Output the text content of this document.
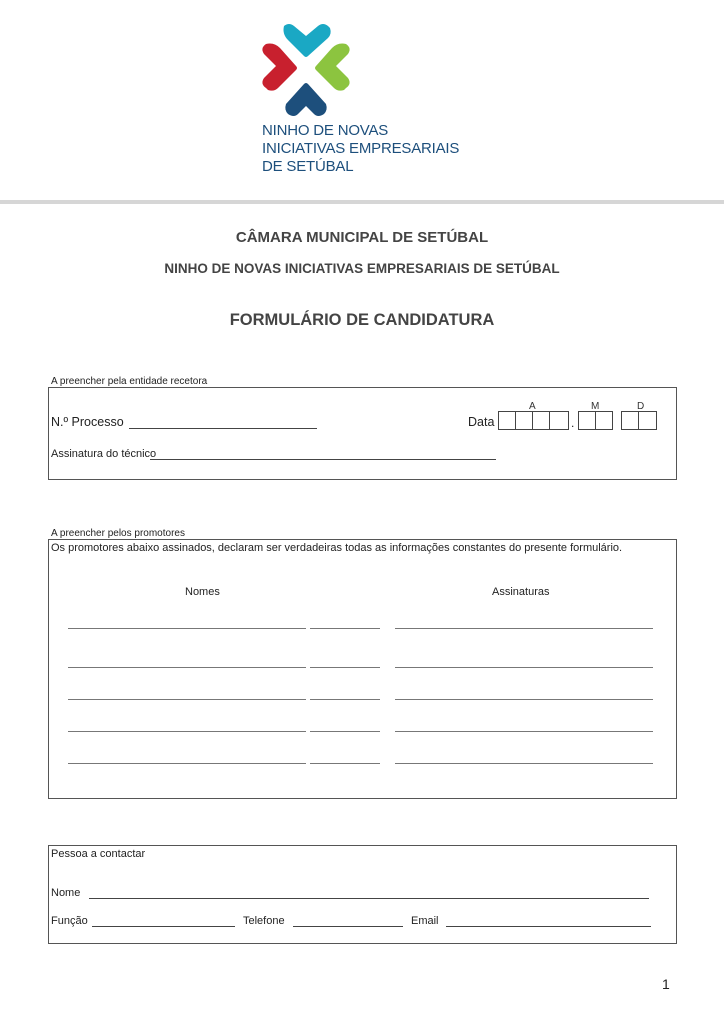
NINHO DE NOVAS
INICIATIVAS EMPRESARIAIS
DE SETÚBAL
CÂMARA MUNICIPAL DE SETÚBAL
NINHO DE NOVAS INICIATIVAS EMPRESARIAIS DE SETÚBAL
FORMULÁRIO DE CANDIDATURA
A preencher pela entidade recetora
N.º Processo	Data
A	M	D
.
Assinatura do técnico
A preencher pelos promotores
Os promotores abaixo assinados, declaram ser verdadeiras todas as informações constantes do presente formulário.
Nomes	Assinaturas
Pessoa a contactar
Nome
Função	Telefone	Email
1
